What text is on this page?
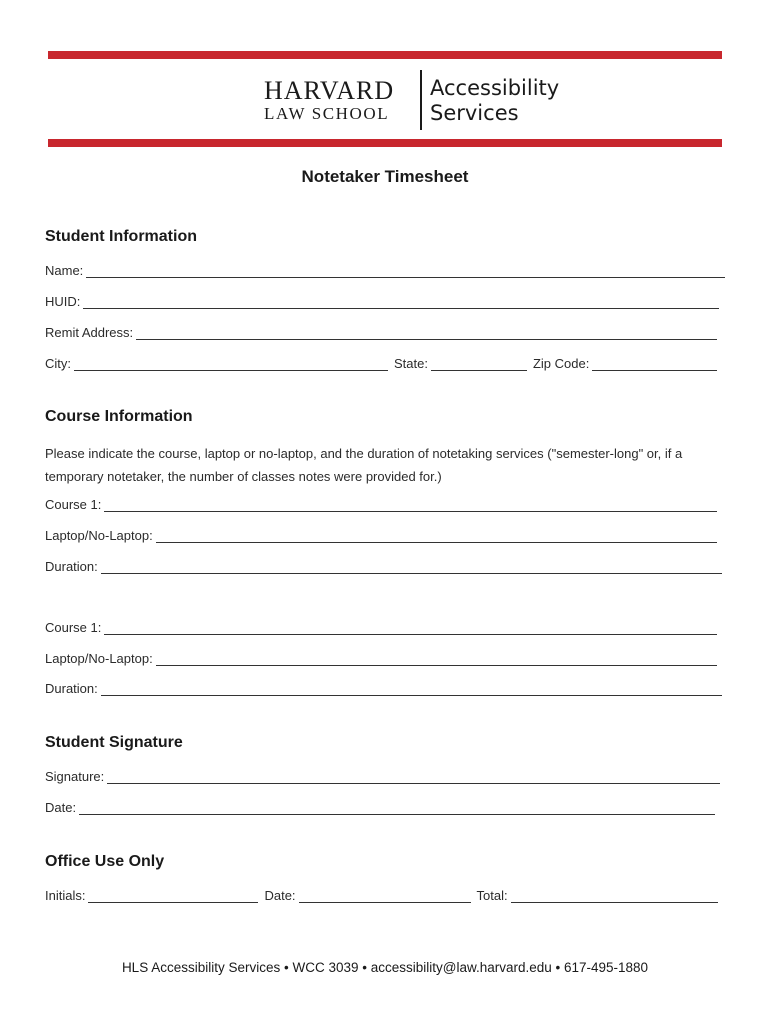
HARVARD
LAW SCHOOL
Accessibility
Services
Notetaker Timesheet
Student Information
Name:
HUID:
Remit Address:
City:	State:	Zip Code:
Course Information
Please indicate the course, laptop or no-laptop, and the duration of notetaking services ("semester-long" or, if a temporary notetaker, the number of classes notes were provided for.)
Course 1:
Laptop/No-Laptop:
Duration:
Course 1:
Laptop/No-Laptop:
Duration:
Student Signature
Signature:
Date:
Office Use Only
Initials:	Date:	Total:
HLS Accessibility Services • WCC 3039 • accessibility@law.harvard.edu • 617-495-1880
